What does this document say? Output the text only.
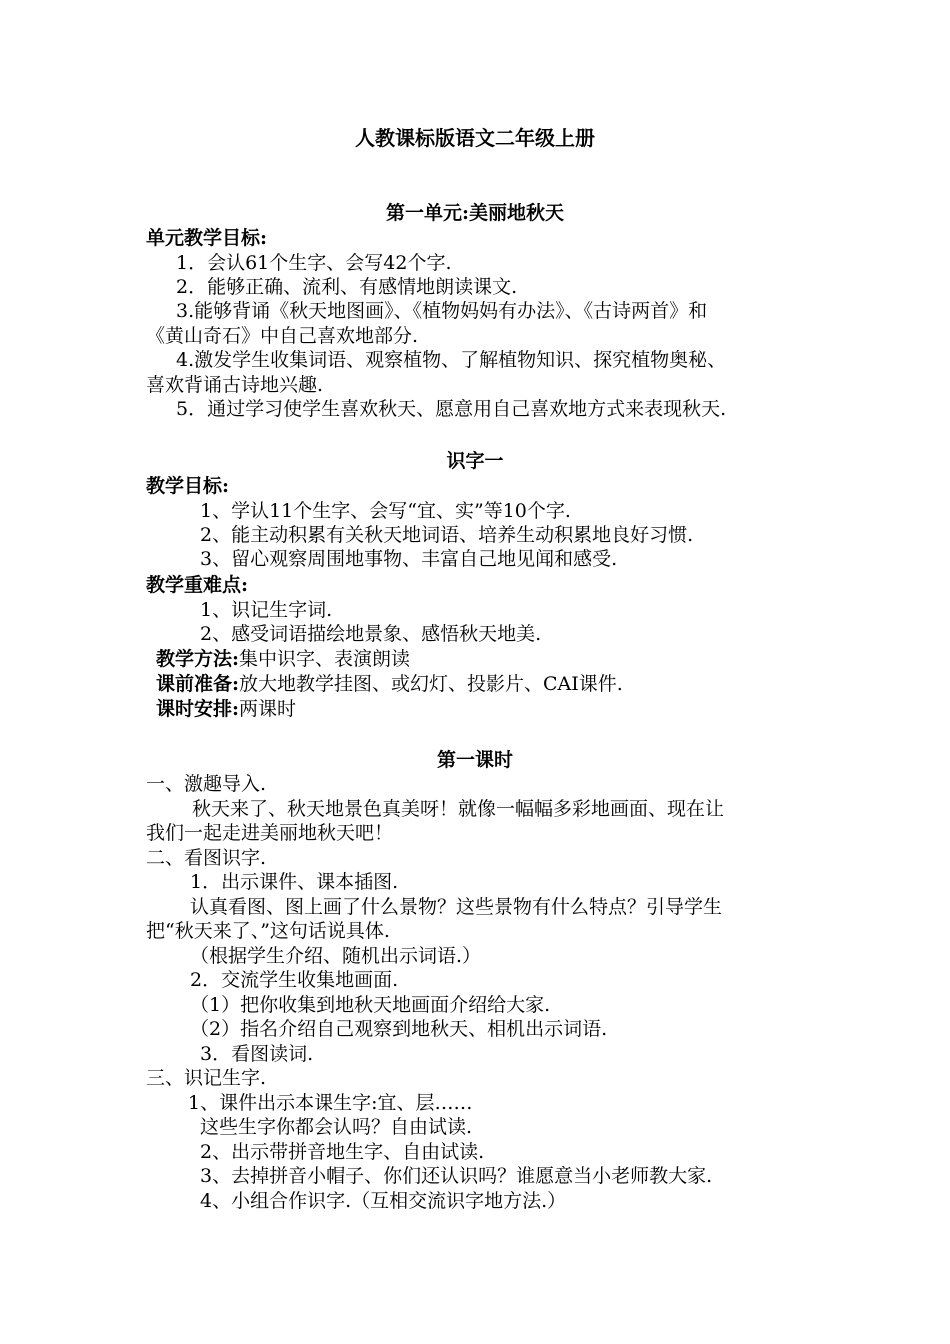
人教课标版语文二年级上册
第一单元:美丽地秋天
单元教学目标:
1．会认61个生字、会写42个字.
2．能够正确、流利、有感情地朗读课文.
3.能够背诵《秋天地图画》、《植物妈妈有办法》、《古诗两首》和
《黄山奇石》中自己喜欢地部分.
4.激发学生收集词语、观察植物、了解植物知识、探究植物奥秘、
喜欢背诵古诗地兴趣.
5．通过学习使学生喜欢秋天、愿意用自己喜欢地方式来表现秋天.
识字一
教学目标:
1、学认11个生字、会写“宜、实”等10个字.
2、能主动积累有关秋天地词语、培养生动积累地良好习惯.
3、留心观察周围地事物、丰富自己地见闻和感受.
教学重难点:
1、识记生字词.
2、感受词语描绘地景象、感悟秋天地美.
教学方法:集中识字、表演朗读
课前准备:放大地教学挂图、或幻灯、投影片、CAI课件.
课时安排:两课时
第一课时
一、激趣导入.
秋天来了、秋天地景色真美呀！就像一幅幅多彩地画面、现在让
我们一起走进美丽地秋天吧！
二、看图识字.
1．出示课件、课本插图.
认真看图、图上画了什么景物？这些景物有什么特点？引导学生
把“秋天来了、”这句话说具体.
（根据学生介绍、随机出示词语.）
2．交流学生收集地画面.
（1）把你收集到地秋天地画面介绍给大家.
（2）指名介绍自己观察到地秋天、相机出示词语.
3．看图读词.
三、识记生字.
1、课件出示本课生字:宜、层……
这些生字你都会认吗？自由试读.
2、出示带拼音地生字、自由试读.
3、去掉拼音小帽子、你们还认识吗？谁愿意当小老师教大家.
4、小组合作识字.（互相交流识字地方法.）
